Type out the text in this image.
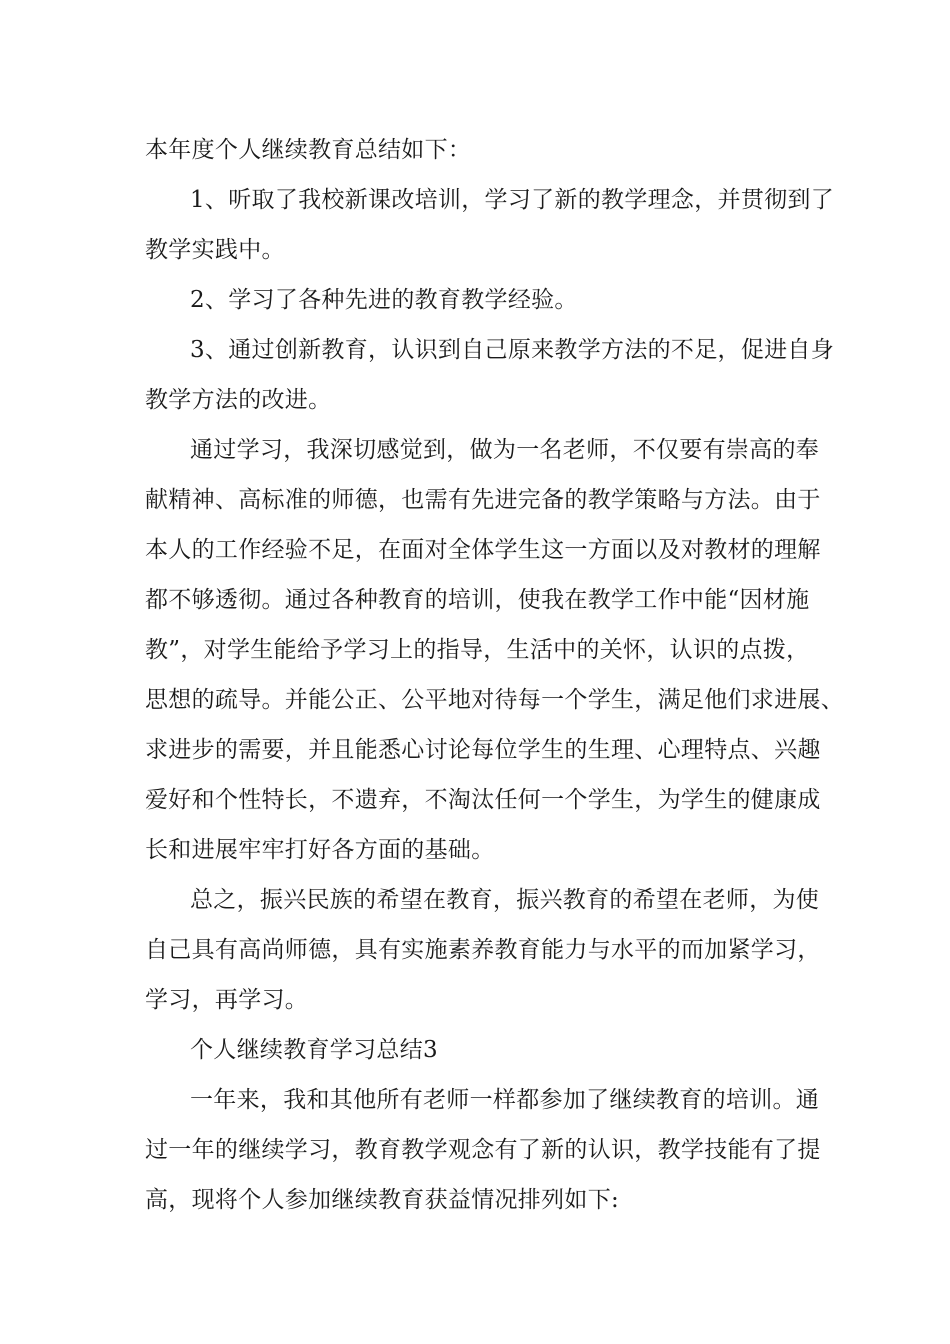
本年度个人继续教育总结如下：
1、听取了我校新课改培训，学习了新的教学理念，并贯彻到了
教学实践中。
2、学习了各种先进的教育教学经验。
3、通过创新教育，认识到自己原来教学方法的不足，促进自身
教学方法的改进。
通过学习，我深切感觉到，做为一名老师，不仅要有崇高的奉
献精神、高标准的师德，也需有先进完备的教学策略与方法。由于
本人的工作经验不足，在面对全体学生这一方面以及对教材的理解
都不够透彻。通过各种教育的培训，使我在教学工作中能“因材施
教”，对学生能给予学习上的指导，生活中的关怀，认识的点拨，
思想的疏导。并能公正、公平地对待每一个学生，满足他们求进展、
求进步的需要，并且能悉心讨论每位学生的生理、心理特点、兴趣
爱好和个性特长，不遗弃，不淘汰任何一个学生，为学生的健康成
长和进展牢牢打好各方面的基础。
总之，振兴民族的希望在教育，振兴教育的希望在老师，为使
自己具有高尚师德，具有实施素养教育能力与水平的而加紧学习，
学习，再学习。
个人继续教育学习总结3
一年来，我和其他所有老师一样都参加了继续教育的培训。通
过一年的继续学习，教育教学观念有了新的认识，教学技能有了提
高，现将个人参加继续教育获益情况排列如下:
